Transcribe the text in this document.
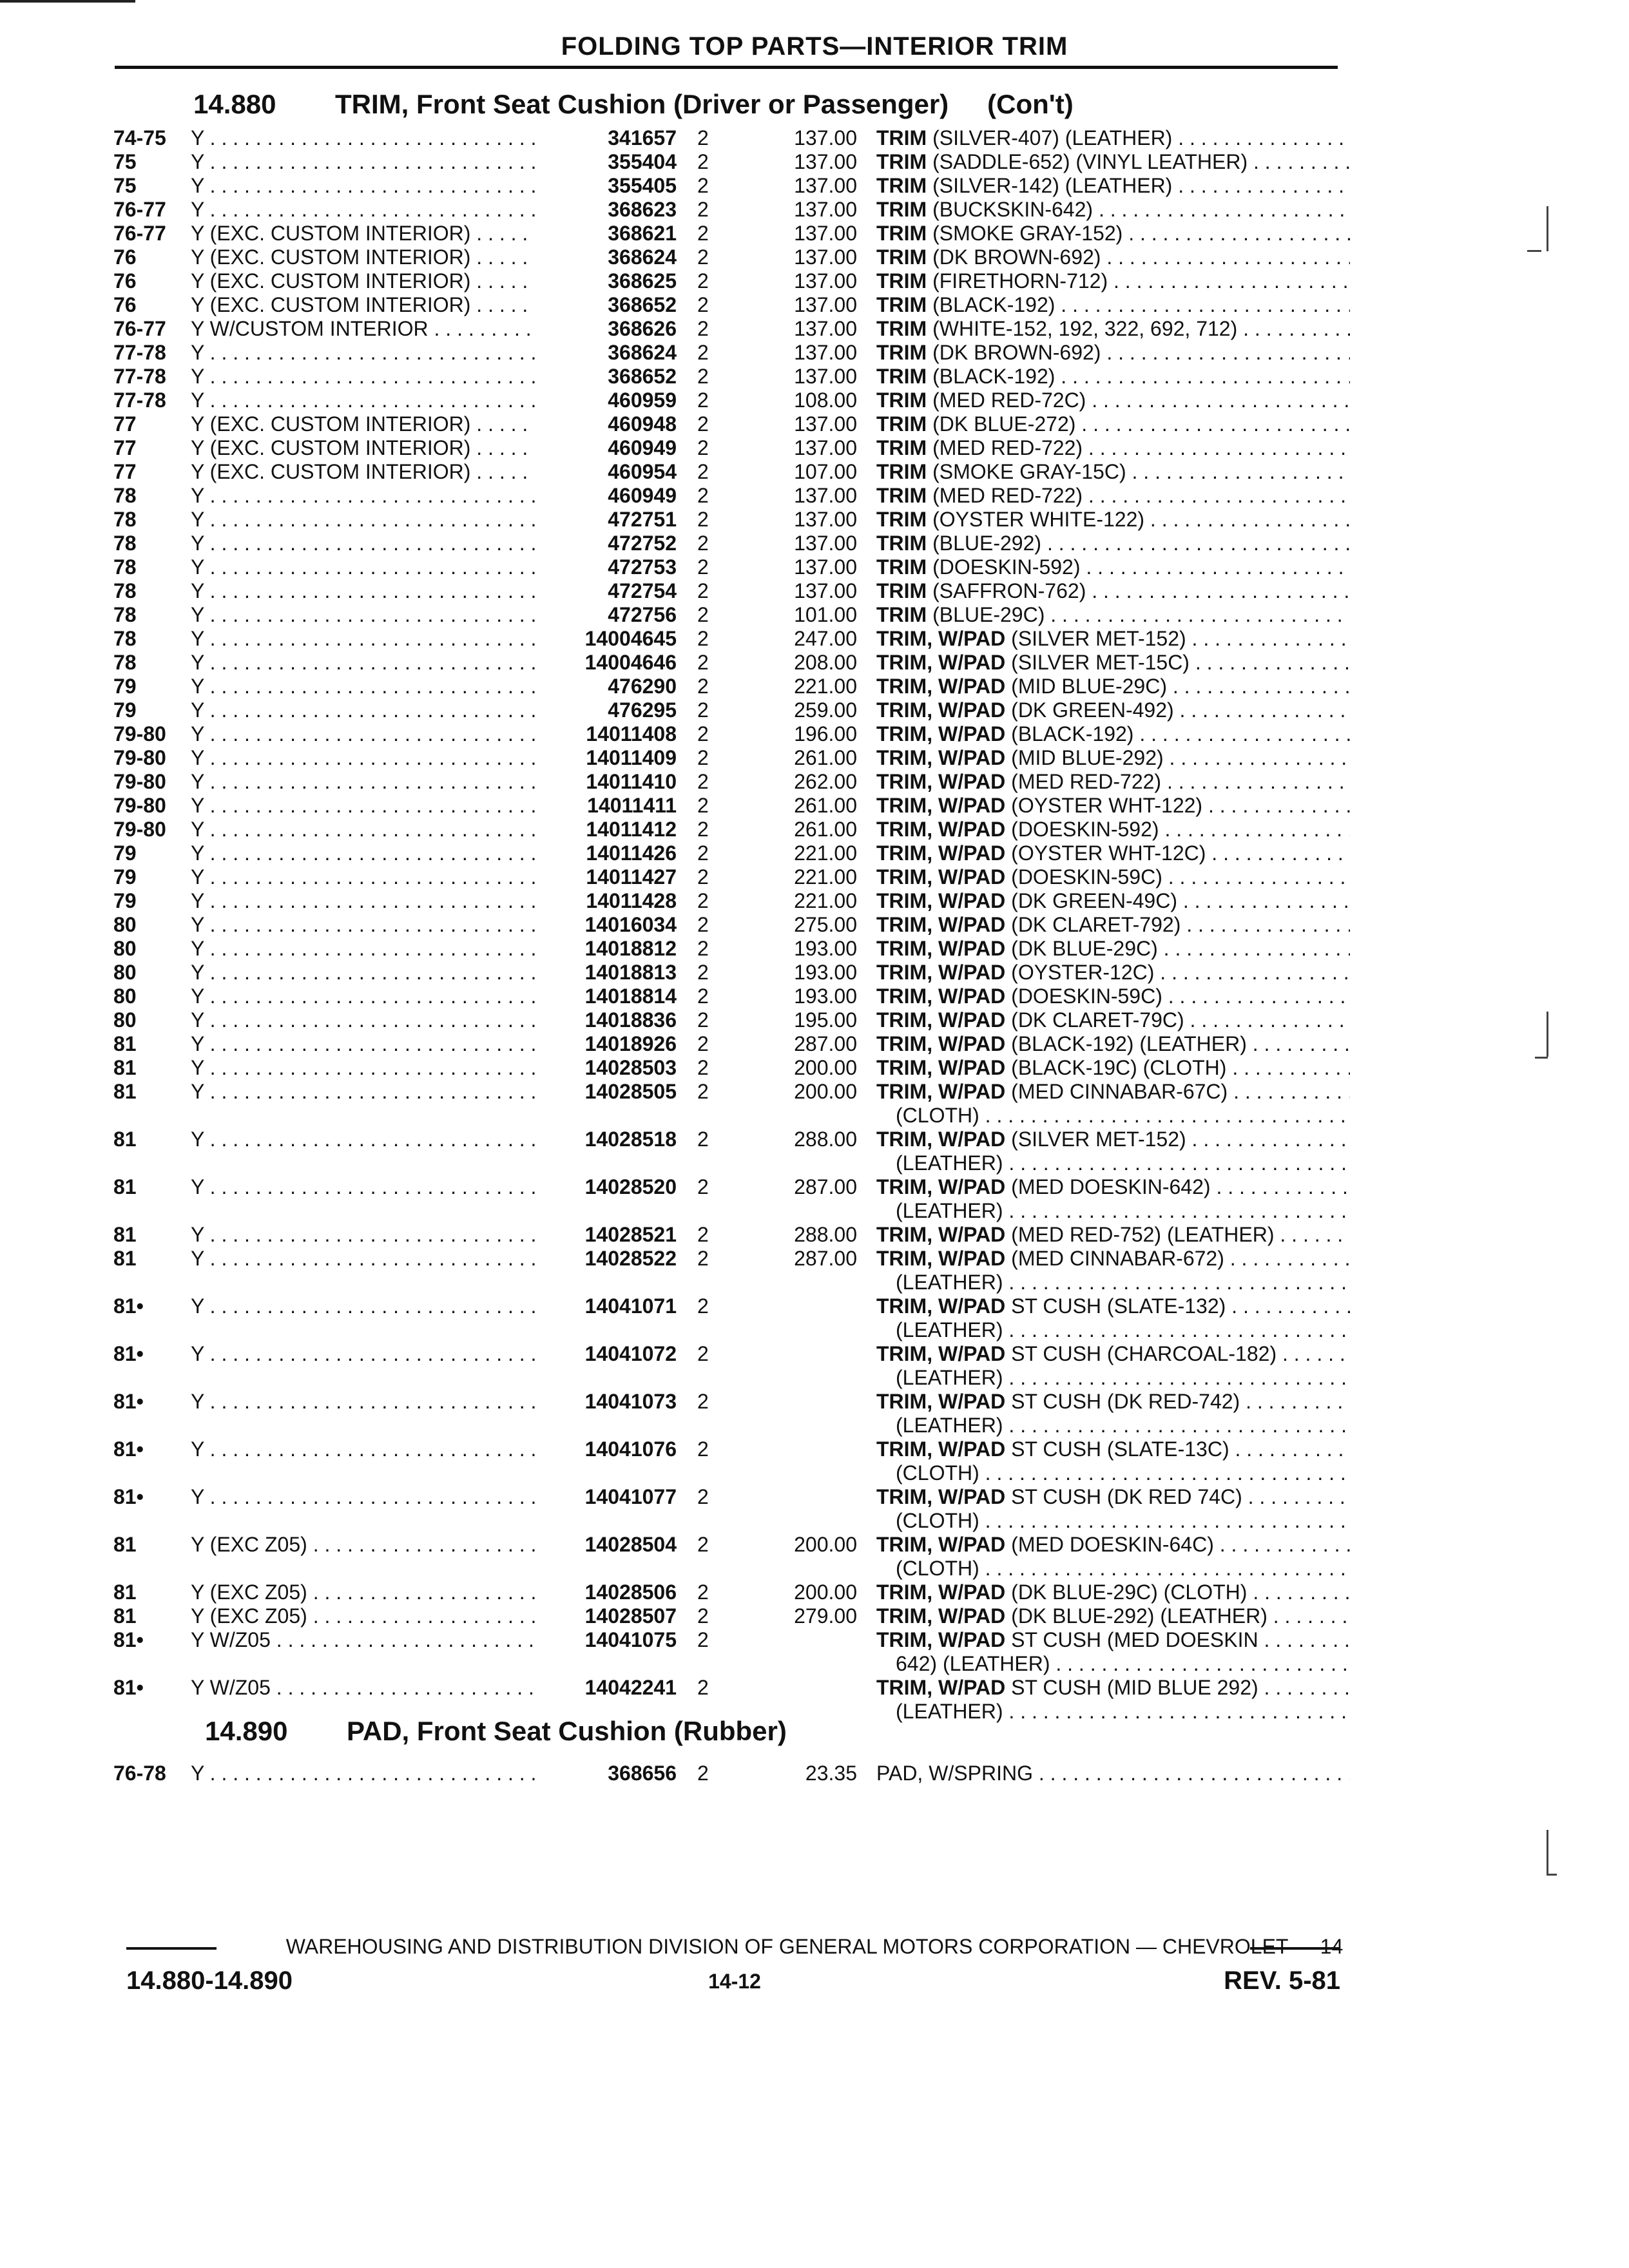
FOLDING TOP PARTS—INTERIOR TRIM
14.880 TRIM, Front Seat Cushion (Driver or Passenger) (Con't)
14.890 PAD, Front Seat Cushion (Rubber)
74-75 Y . . .	341657 2	137.00 TRIM (SILVER-407) (LEATHER) . . .
75	Y . . .	355404 2	137.00 TRIM (SADDLE-652) (VINYL LEATHER) . . .
75	Y . . .	355405 2	137.00 TRIM (SILVER-142) (LEATHER) . . .
76-77 Y . . .	368623 2	137.00 TRIM (BUCKSKIN-642) . . .
76-77 Y (EXC. CUSTOM INTERIOR) . . .	368621 2	137.00 TRIM (SMOKE GRAY-152) . . .
76	Y (EXC. CUSTOM INTERIOR) . . .	368624 2	137.00 TRIM (DK BROWN-692) . . .
76	Y (EXC. CUSTOM INTERIOR) . . .	368625 2	137.00 TRIM (FIRETHORN-712) . . .
76	Y (EXC. CUSTOM INTERIOR) . . .	368652 2	137.00 TRIM (BLACK-192) . . .
76-77 Y W/CUSTOM INTERIOR . . .	368626 2	137.00 TRIM (WHITE-152, 192, 322, 692, 712) . . .
77-78 Y . . .	368624 2	137.00 TRIM (DK BROWN-692) . . .
77-78 Y . . .	368652 2	137.00 TRIM (BLACK-192) . . .
77-78 Y . . .	460959 2	108.00 TRIM (MED RED-72C) . . .
77	Y (EXC. CUSTOM INTERIOR) . . .	460948 2	137.00 TRIM (DK BLUE-272) . . .
77	Y (EXC. CUSTOM INTERIOR) . . .	460949 2	137.00 TRIM (MED RED-722) . . .
77	Y (EXC. CUSTOM INTERIOR) . . .	460954 2	107.00 TRIM (SMOKE GRAY-15C) . . .
78	Y . . .	460949 2	137.00 TRIM (MED RED-722) . . .
78	Y . . .	472751 2	137.00 TRIM (OYSTER WHITE-122) . . .
78	Y . . .	472752 2	137.00 TRIM (BLUE-292) . . .
78	Y . . .	472753 2	137.00 TRIM (DOESKIN-592) . . .
78	Y . . .	472754 2	137.00 TRIM (SAFFRON-762) . . .
78	Y . . .	472756 2	101.00 TRIM (BLUE-29C) . . .
78	Y . . .	14004645 2	247.00 TRIM, W/PAD (SILVER MET-152) . . .
78	Y . . .	14004646 2	208.00 TRIM, W/PAD (SILVER MET-15C) . . .
79	Y . . .	476290 2	221.00 TRIM, W/PAD (MID BLUE-29C) . . .
79	Y . . .	476295 2	259.00 TRIM, W/PAD (DK GREEN-492) . . .
79-80 Y . . .	14011408 2	196.00 TRIM, W/PAD (BLACK-192) . . .
79-80 Y . . .	14011409 2	261.00 TRIM, W/PAD (MID BLUE-292) . . .
79-80 Y . . .	14011410 2	262.00 TRIM, W/PAD (MED RED-722) . . .
79-80 Y . . .	14011411 2	261.00 TRIM, W/PAD (OYSTER WHT-122) . . .
79-80 Y . . .	14011412 2	261.00 TRIM, W/PAD (DOESKIN-592) . . .
79	Y . . .	14011426 2	221.00 TRIM, W/PAD (OYSTER WHT-12C) . . .
79	Y . . .	14011427 2	221.00 TRIM, W/PAD (DOESKIN-59C) . . .
79	Y . . .	14011428 2	221.00 TRIM, W/PAD (DK GREEN-49C) . . .
80	Y . . .	14016034 2	275.00 TRIM, W/PAD (DK CLARET-792) . . .
80	Y . . .	14018812 2	193.00 TRIM, W/PAD (DK BLUE-29C) . . .
80	Y . . .	14018813 2	193.00 TRIM, W/PAD (OYSTER-12C) . . .
80	Y . . .	14018814 2	193.00 TRIM, W/PAD (DOESKIN-59C) . . .
80	Y . . .	14018836 2	195.00 TRIM, W/PAD (DK CLARET-79C) . . .
81	Y . . .	14018926 2	287.00 TRIM, W/PAD (BLACK-192) (LEATHER) . . .
81	Y . . .	14028503 2	200.00 TRIM, W/PAD (BLACK-19C) (CLOTH) . . .
81	Y . . .	14028505 2	200.00 TRIM, W/PAD (MED CINNABAR-67C) . . .
(CLOTH) . . .
81	Y . . .	14028518 2	288.00 TRIM, W/PAD (SILVER MET-152) . . .
(LEATHER) . . .
81	Y . . .	14028520 2	287.00 TRIM, W/PAD (MED DOESKIN-642) . . .
(LEATHER) . . .
81	Y . . .	14028521 2	288.00 TRIM, W/PAD (MED RED-752) (LEATHER) . . .
81	Y . . .	14028522 2	287.00 TRIM, W/PAD (MED CINNABAR-672) . . .
(LEATHER) . . .
81• Y . . .	14041071 2	TRIM, W/PAD ST CUSH (SLATE-132) . . .
(LEATHER) . . .
81• Y . . .	14041072 2	TRIM, W/PAD ST CUSH (CHARCOAL-182) . . .
(LEATHER) . . .
81• Y . . .	14041073 2	TRIM, W/PAD ST CUSH (DK RED-742) . . .
(LEATHER) . . .
81• Y . . .	14041076 2	TRIM, W/PAD ST CUSH (SLATE-13C) . . .
(CLOTH) . . .
81• Y . . .	14041077 2	TRIM, W/PAD ST CUSH (DK RED 74C) . . .
(CLOTH) . . .
81	Y (EXC Z05) . . .	14028504 2	200.00 TRIM, W/PAD (MED DOESKIN-64C) . . .
(CLOTH) . . .
81	Y (EXC Z05) . . .	14028506 2	200.00 TRIM, W/PAD (DK BLUE-29C) (CLOTH) . . .
81	Y (EXC Z05) . . .	14028507 2	279.00 TRIM, W/PAD (DK BLUE-292) (LEATHER) . . .
81• Y W/Z05 . . .	14041075 2	TRIM, W/PAD ST CUSH (MED DOESKIN . . .
642) (LEATHER) . . .
81• Y W/Z05 . . .	14042241 2	TRIM, W/PAD ST CUSH (MID BLUE 292) . . .
(LEATHER) . . .
76-78 Y . . .	368656 2	23.35 PAD, W/SPRING . . .
WAREHOUSING AND DISTRIBUTION DIVISION OF GENERAL MOTORS CORPORATION — CHEVROLET — 14
14.880-14.890	14-12	REV. 5-81
